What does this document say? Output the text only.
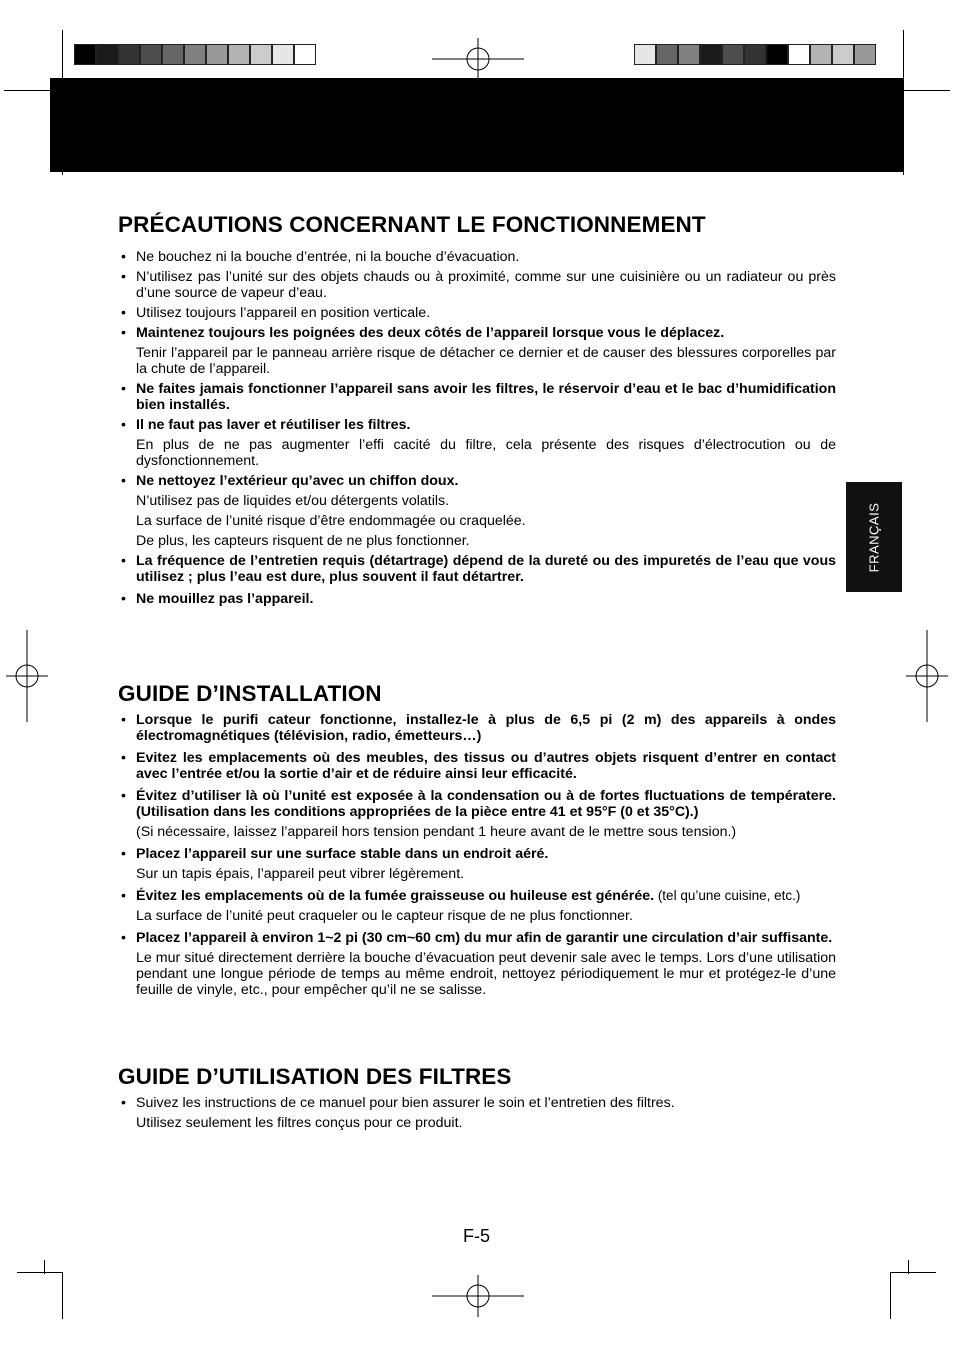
FRANÇAIS
PRÉCAUTIONS CONCERNANT LE FONCTIONNEMENT
• Ne bouchez ni la bouche d’entrée, ni la bouche d’évacuation.
• N’utilisez pas l’unité sur des objets chauds ou à proximité, comme sur une cuisinière ou un radiateur ou près d’une source de vapeur d’eau.
• Utilisez toujours l’appareil en position verticale.
• Maintenez toujours les poignées des deux côtés de l’appareil lorsque vous le déplacez.
Tenir l’appareil par le panneau arrière risque de détacher ce dernier et de causer des blessures corporelles par la chute de l’appareil.
• Ne faites jamais fonctionner l’appareil sans avoir les filtres, le réservoir d’eau et le bac d’humidification bien installés.
• Il ne faut pas laver et réutiliser les filtres.
En plus de ne pas augmenter l’effi cacité du filtre, cela présente des risques d’électrocution ou de dysfonctionnement.
• Ne nettoyez l’extérieur qu’avec un chiffon doux.
N’utilisez pas de liquides et/ou détergents volatils.
La surface de l’unité risque d’être endommagée ou craquelée.
De plus, les capteurs risquent de ne plus fonctionner.
• La fréquence de l’entretien requis (détartrage) dépend de la dureté ou des impuretés de l’eau que vous utilisez ; plus l’eau est dure, plus souvent il faut détartrer.
• Ne mouillez pas l’appareil.
GUIDE D’INSTALLATION
• Lorsque le purifi cateur fonctionne, installez-le à plus de 6,5 pi (2 m) des appareils à ondes électromagnétiques (télévision, radio, émetteurs…)
• Evitez les emplacements où des meubles, des tissus ou d’autres objets risquent d’entrer en contact avec l’entrée et/ou la sortie d’air et de réduire ainsi leur efficacité.
• Évitez d’utiliser là où l’unité est exposée à la condensation ou à de fortes fluctuations de températere. (Utilisation dans les conditions appropriées de la pièce entre 41 et 95°F (0 et 35°C).)
(Si nécessaire, laissez l’appareil hors tension pendant 1 heure avant de le mettre sous tension.)
• Placez l’appareil sur une surface stable dans un endroit aéré.
Sur un tapis épais, l’appareil peut vibrer légèrement.
• Évitez les emplacements où de la fumée graisseuse ou huileuse est générée. (tel qu’une cuisine, etc.)
La surface de l’unité peut craqueler ou le capteur risque de ne plus fonctionner.
• Placez l’appareil à environ 1~2 pi (30 cm~60 cm) du mur afin de garantir une circulation d’air suffisante.
Le mur situé directement derrière la bouche d’évacuation peut devenir sale avec le temps. Lors d’une utilisation pendant une longue période de temps au même endroit, nettoyez périodiquement le mur et protégez-le d’une feuille de vinyle, etc., pour empêcher qu’il ne se salisse.
GUIDE D’UTILISATION DES FILTRES
• Suivez les instructions de ce manuel pour bien assurer le soin et l’entretien des filtres.
Utilisez seulement les filtres conçus pour ce produit.
F-5
